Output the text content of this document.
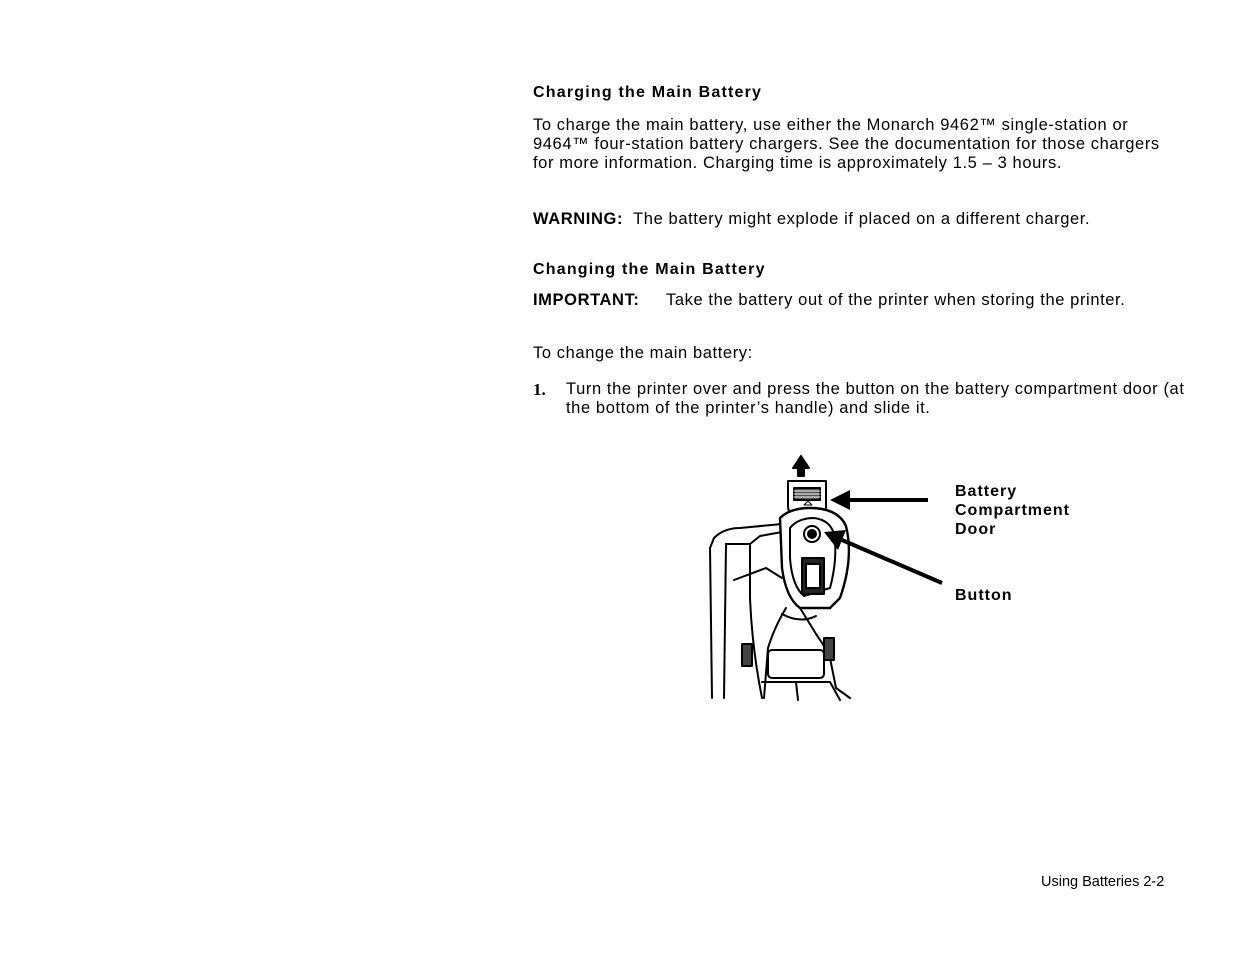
Charging the Main Battery
To charge the main battery, use either the Monarch 9462™ single-station or 9464™ four-station battery chargers. See the documentation for those chargers for more information. Charging time is approximately 1.5 – 3 hours.
WARNING: The battery might explode if placed on a different charger.
Changing the Main Battery
IMPORTANT: Take the battery out of the printer when storing the printer.
To change the main battery:
1. Turn the printer over and press the button on the battery compartment door (at the bottom of the printer’s handle) and slide it.
Battery
Compartment
Door
Button
Using Batteries 2-2
